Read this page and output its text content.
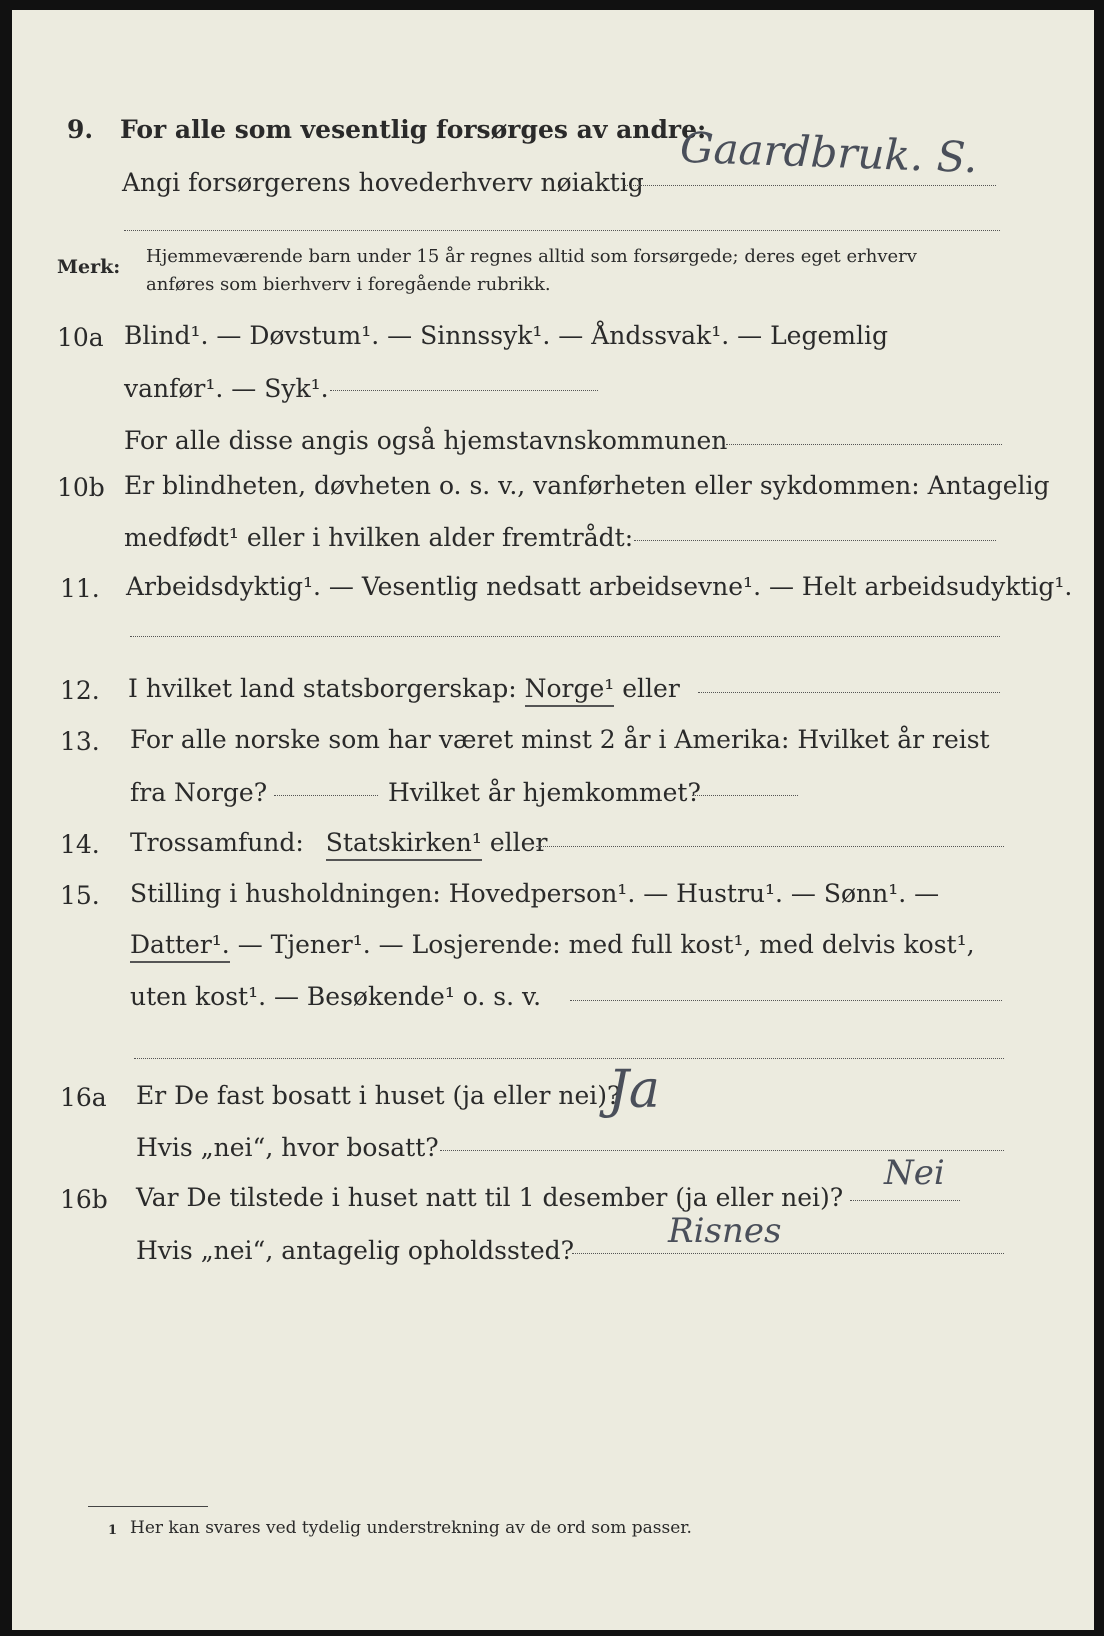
9. For alle som vesentlig forsørges av andre:
Angi forsørgerens hovederhverv nøiaktig
Gaardbruk. S.
Merk: Hjemmeværende barn under 15 år regnes alltid som forsørgede; deres eget erhverv
anføres som bierhverv i foregående rubrikk.
10a Blind¹. — Døvstum¹. — Sinnssyk¹. — Åndssvak¹. — Legemlig
vanfør¹. — Syk¹.
For alle disse angis også hjemstavnskommunen
10b Er blindheten, døvheten o. s. v., vanførheten eller sykdommen: Antagelig
medfødt¹ eller i hvilken alder fremtrådt:
11. Arbeidsdyktig¹. — Vesentlig nedsatt arbeidsevne¹. — Helt arbeidsudyktig¹.
12. I hvilket land statsborgerskap: Norge¹ eller
13. For alle norske som har været minst 2 år i Amerika: Hvilket år reist
fra Norge?	Hvilket år hjemkommet?
14. Trossamfund: Statskirken¹ eller
15. Stilling i husholdningen: Hovedperson¹. — Hustru¹. — Sønn¹. —
Datter¹. — Tjener¹. — Losjerende: med full kost¹, med delvis kost¹,
uten kost¹. — Besøkende¹ o. s. v.
16a Er De fast bosatt i huset (ja eller nei)?
Ja
Hvis „nei“, hvor bosatt?
16b Var De tilstede i huset natt til 1 desember (ja eller nei)?
Nei
Hvis „nei“, antagelig opholdssted?	Risnes
1 Her kan svares ved tydelig understrekning av de ord som passer.
